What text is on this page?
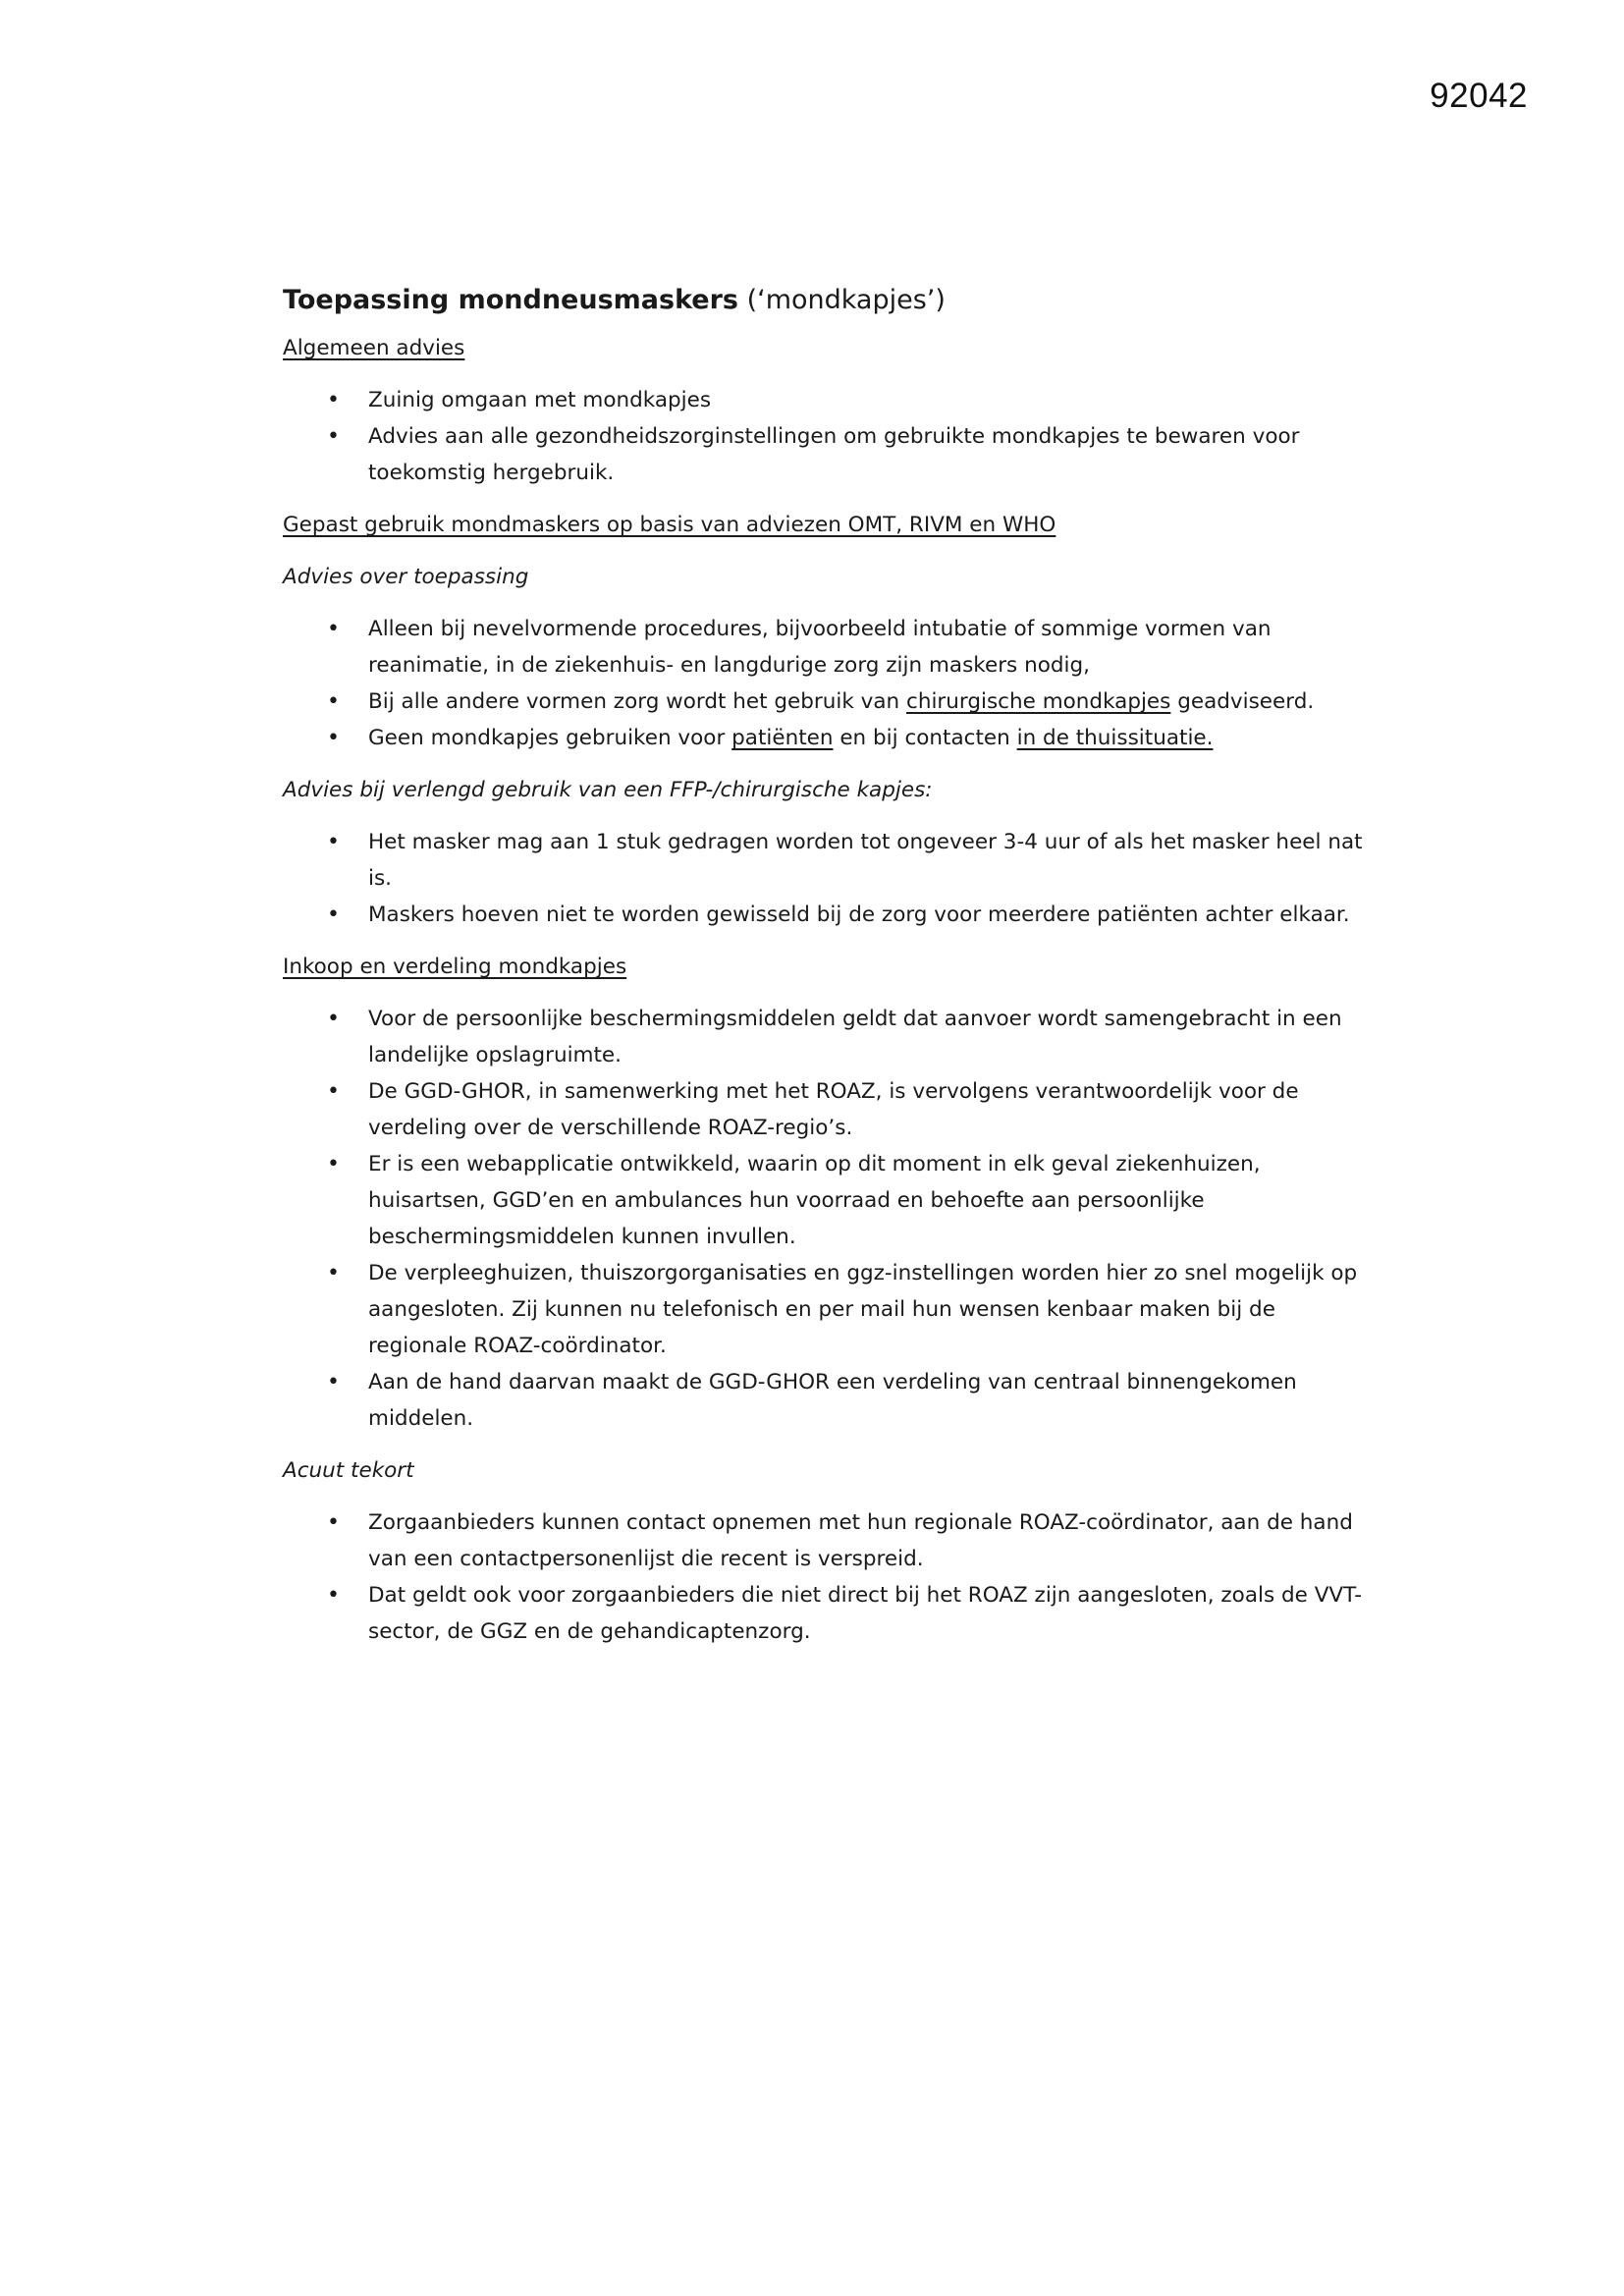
92042
Toepassing mondneusmaskers (‘mondkapjes’)

Algemeen advies

• Zuinig omgaan met mondkapjes
• Advies aan alle gezondheidszorginstellingen om gebruikte mondkapjes te bewaren voor toekomstig hergebruik.

Gepast gebruik mondmaskers op basis van adviezen OMT, RIVM en WHO

Advies over toepassing

• Alleen bij nevelvormende procedures, bijvoorbeeld intubatie of sommige vormen van reanimatie, in de ziekenhuis- en langdurige zorg zijn maskers nodig,
• Bij alle andere vormen zorg wordt het gebruik van chirurgische mondkapjes geadviseerd.
• Geen mondkapjes gebruiken voor patiënten en bij contacten in de thuissituatie.

Advies bij verlengd gebruik van een FFP-/chirurgische kapjes:

• Het masker mag aan 1 stuk gedragen worden tot ongeveer 3-4 uur of als het masker heel nat is.
• Maskers hoeven niet te worden gewisseld bij de zorg voor meerdere patiënten achter elkaar.

Inkoop en verdeling mondkapjes

• Voor de persoonlijke beschermingsmiddelen geldt dat aanvoer wordt samengebracht in een landelijke opslagruimte.
• De GGD-GHOR, in samenwerking met het ROAZ, is vervolgens verantwoordelijk voor de verdeling over de verschillende ROAZ-regio’s.
• Er is een webapplicatie ontwikkeld, waarin op dit moment in elk geval ziekenhuizen, huisartsen, GGD’en en ambulances hun voorraad en behoefte aan persoonlijke beschermingsmiddelen kunnen invullen.
• De verpleeghuizen, thuiszorgorganisaties en ggz-instellingen worden hier zo snel mogelijk op aangesloten. Zij kunnen nu telefonisch en per mail hun wensen kenbaar maken bij de regionale ROAZ-coördinator.
• Aan de hand daarvan maakt de GGD-GHOR een verdeling van centraal binnengekomen middelen.

Acuut tekort

• Zorgaanbieders kunnen contact opnemen met hun regionale ROAZ-coördinator, aan de hand van een contactpersonenlijst die recent is verspreid.
• Dat geldt ook voor zorgaanbieders die niet direct bij het ROAZ zijn aangesloten, zoals de VVT-sector, de GGZ en de gehandicaptenzorg.
